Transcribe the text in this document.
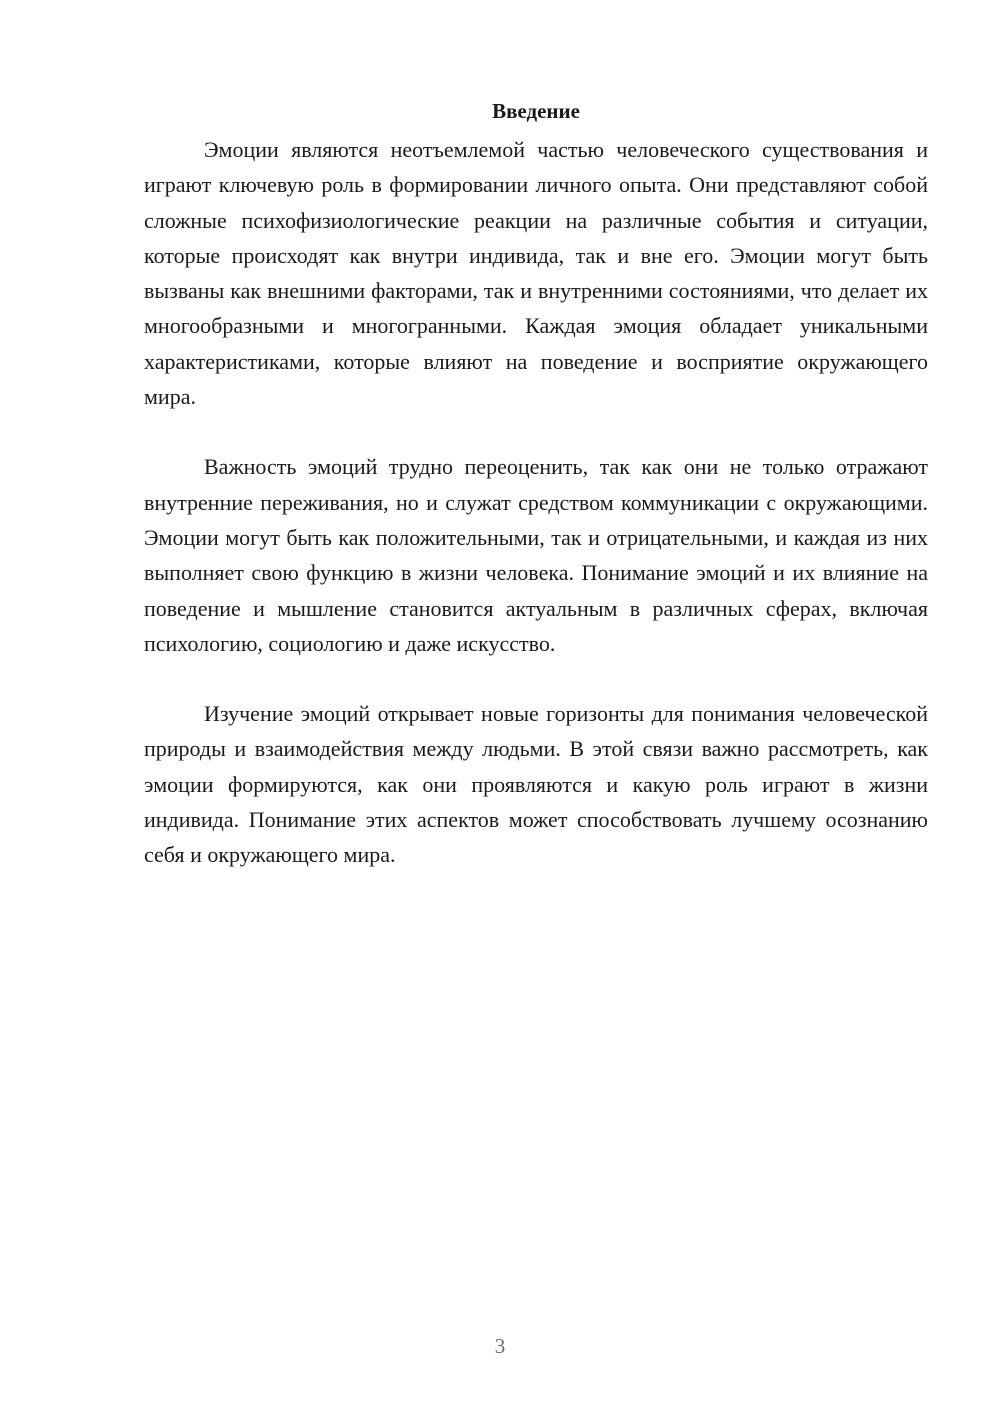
Введение

Эмоции являются неотъемлемой частью человеческого существования и играют ключевую роль в формировании личного опыта. Они представляют собой сложные психофизиологические реакции на различные события и ситуации, которые происходят как внутри индивида, так и вне его. Эмоции могут быть вызваны как внешними факторами, так и внутренними состояниями, что делает их многообразными и многогранными. Каждая эмоция обладает уникальными характеристиками, которые влияют на поведение и восприятие окружающего мира.

Важность эмоций трудно переоценить, так как они не только отражают внутренние переживания, но и служат средством коммуникации с окружающими. Эмоции могут быть как положительными, так и отрицательными, и каждая из них выполняет свою функцию в жизни человека. Понимание эмоций и их влияние на поведение и мышление становится актуальным в различных сферах, включая психологию, социологию и даже искусство.

Изучение эмоций открывает новые горизонты для понимания человеческой природы и взаимодействия между людьми. В этой связи важно рассмотреть, как эмоции формируются, как они проявляются и какую роль играют в жизни индивида. Понимание этих аспектов может способствовать лучшему осознанию себя и окружающего мира.

3
